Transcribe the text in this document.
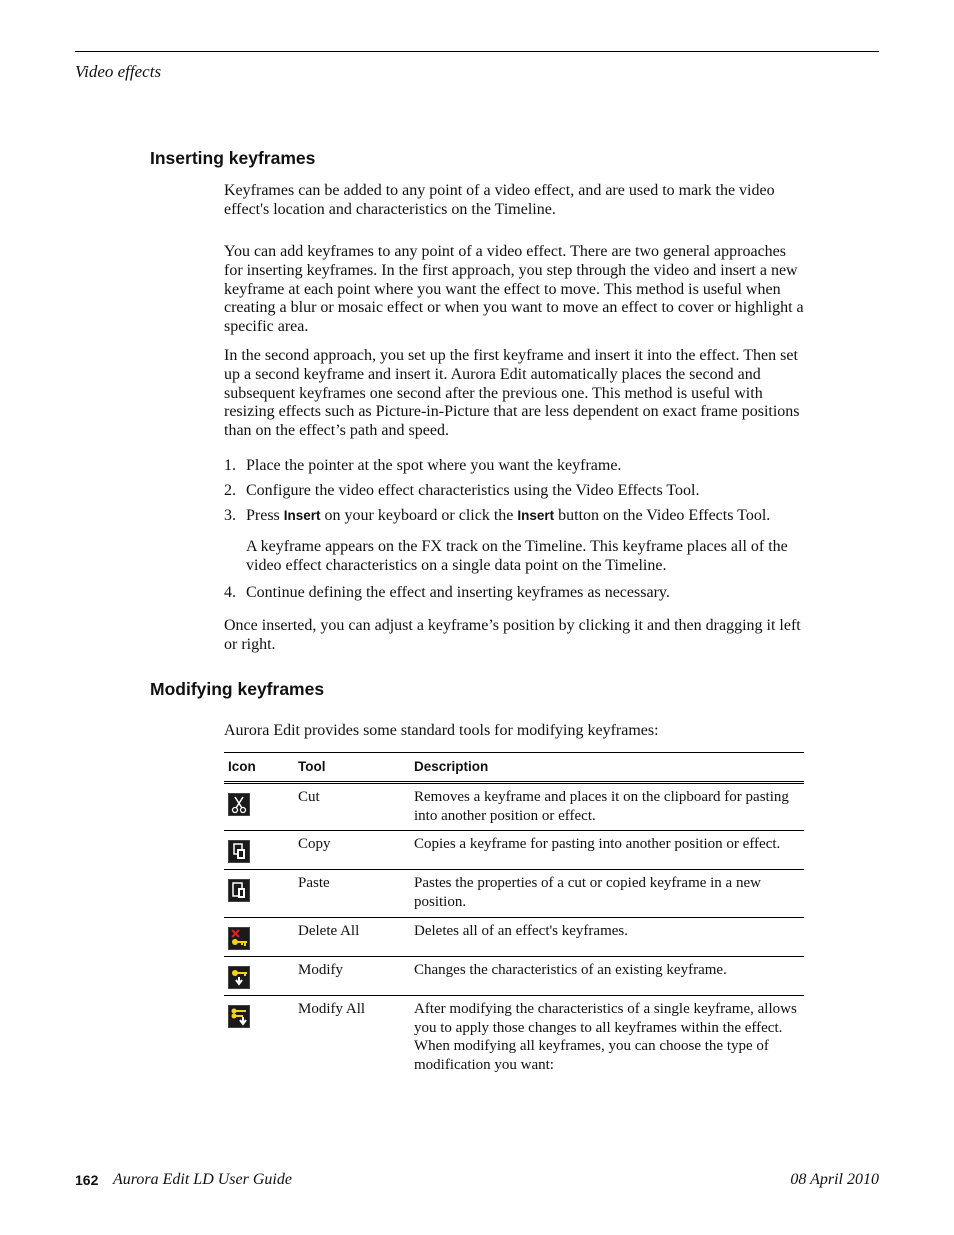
Video effects
Inserting keyframes

Keyframes can be added to any point of a video effect, and are used to mark the video effect's location and characteristics on the Timeline.

You can add keyframes to any point of a video effect. There are two general approaches for inserting keyframes. In the first approach, you step through the video and insert a new keyframe at each point where you want the effect to move. This method is useful when creating a blur or mosaic effect or when you want to move an effect to cover or highlight a specific area.

In the second approach, you set up the first keyframe and insert it into the effect. Then set up a second keyframe and insert it. Aurora Edit automatically places the second and subsequent keyframes one second after the previous one. This method is useful with resizing effects such as Picture-in-Picture that are less dependent on exact frame positions than on the effect’s path and speed.

1. Place the pointer at the spot where you want the keyframe.
2. Configure the video effect characteristics using the Video Effects Tool.
3. Press Insert on your keyboard or click the Insert button on the Video Effects Tool.

A keyframe appears on the FX track on the Timeline. This keyframe places all of the video effect characteristics on a single data point on the Timeline.

4. Continue defining the effect and inserting keyframes as necessary.

Once inserted, you can adjust a keyframe’s position by clicking it and then dragging it left or right.

Modifying keyframes

Aurora Edit provides some standard tools for modifying keyframes:

Icon	Tool	Description

	Cut	Removes a keyframe and places it on the clipboard for pasting into another position or effect.

	Copy	Copies a keyframe for pasting into another position or effect.

	Paste	Pastes the properties of a cut or copied keyframe in a new position.

	Delete All	Deletes all of an effect's keyframes.

	Modify	Changes the characteristics of an existing keyframe.

	Modify All	After modifying the characteristics of a single keyframe, allows you to apply those changes to all keyframes within the effect. When modifying all keyframes, you can choose the type of modification you want:
162 Aurora Edit LD User Guide	08 April 2010
